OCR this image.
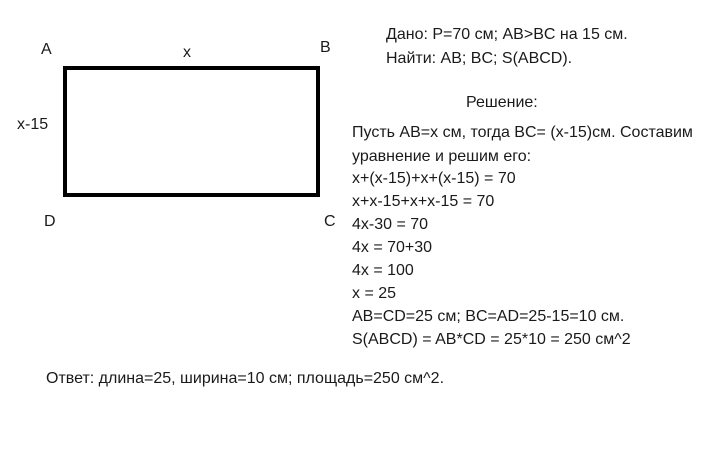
A	B
C
D
x
x-15
Дано: P=70 см; AB>BC на 15 см.
Найти: AB; BC; S(ABCD).
Решение:
Пусть AB=x см, тогда BC= (x-15)см. Составим
уравнение и решим его:
x+(x-15)+x+(x-15) = 70
x+x-15+x+x-15 = 70
4x-30 = 70
4x = 70+30
4x = 100
x = 25
AB=CD=25 см; BC=AD=25-15=10 см.
S(ABCD) = AB*CD = 25*10 = 250 см^2
Ответ: длина=25, ширина=10 см; площадь=250 см^2.
